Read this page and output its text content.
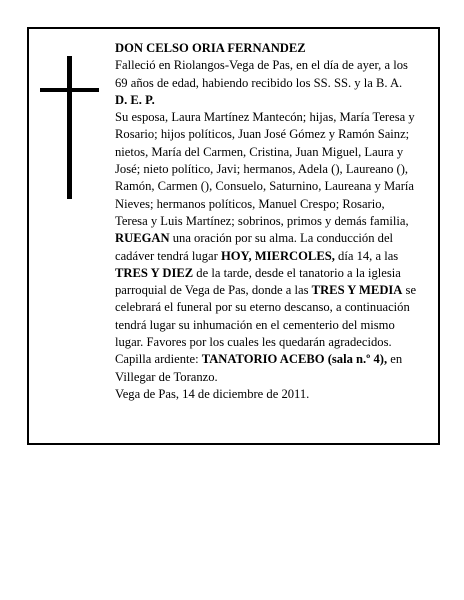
DON CELSO ORIA FERNANDEZ

Falleció en Riolangos-Vega de Pas, en el día de ayer, a los 69 años de edad, habiendo recibido los SS. SS. y la B. A.

D. E. P.

Su esposa, Laura Martínez Mantecón; hijas, María Teresa y Rosario; hijos políticos, Juan José Gómez y Ramón Sainz; nietos, María del Carmen, Cristina, Juan Miguel, Laura y José; nieto político, Javi; hermanos, Adela (), Laureano (), Ramón, Carmen (), Consuelo, Saturnino, Laureana y María Nieves; hermanos políticos, Manuel Crespo; Rosario, Teresa y Luis Martínez; sobrinos, primos y demás familia,

RUEGAN una oración por su alma. La conducción del cadáver tendrá lugar HOY, MIERCOLES, día 14, a las TRES Y DIEZ de la tarde, desde el tanatorio a la iglesia parroquial de Vega de Pas, donde a las TRES Y MEDIA se celebrará el funeral por su eterno descanso, a continuación tendrá lugar su inhumación en el cementerio del mismo lugar. Favores por los cuales les quedarán agradecidos. Capilla ardiente: TANATORIO ACEBO (sala n.º 4), en Villegar de Toranzo.

Vega de Pas, 14 de diciembre de 2011.
